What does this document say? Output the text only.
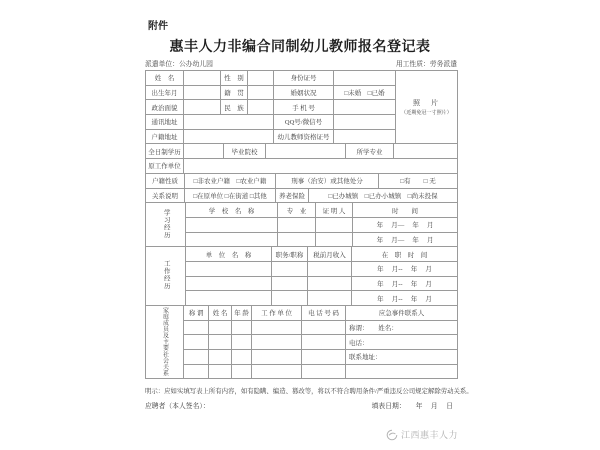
附件
惠丰人力非编合同制幼儿教师报名登记表
派遣单位：公办幼儿园	用工性质：劳务派遣
姓　名		性　别		身份证号		照　片
（近期免冠一寸照片）

出生年月		籍　贯		婚姻状况	□未婚　□已婚	
政治面貌		民　族		手 机 号		
通讯地址				QQ号/微信号		
户籍地址				幼儿教师资格证号		
全日制学历		毕业院校		所学专业	
原工作单位	
户籍性质	□非农业户籍　□农业户籍	刑事（治安）或其他处分	□有　　□ 无
关系说明	□在原单位 □在街道 □其他	养老保险	□已办城镇　□已办小城镇　□尚未投保
学习经历	学　校　名　称	专　业	证 明 人	时　　间
				年　 月—　 年　 月
				年　 月—　 年　 月
工作经历	单　位　名　称	职务/职称	税前月收入	在　职　时　间
				年　 月--　 年　 月
				年　 月--　 年　 月
				年　 月--　 年　 月
家庭成员及主要社会关系	称 谓	姓 名	年 龄	工 作 单 位	电 话 号 码	应急事件联系人
						称谓：　　姓名：
						电话：
						联系地址：

明示：应如实填写表上所有内容，如有隐瞒、编造、篡改等，将以不符合聘用条件/严重违反公司规定解除劳动关系。
应聘者（本人签名）：	填表日期： 年　 月　 日
江西惠丰人力
